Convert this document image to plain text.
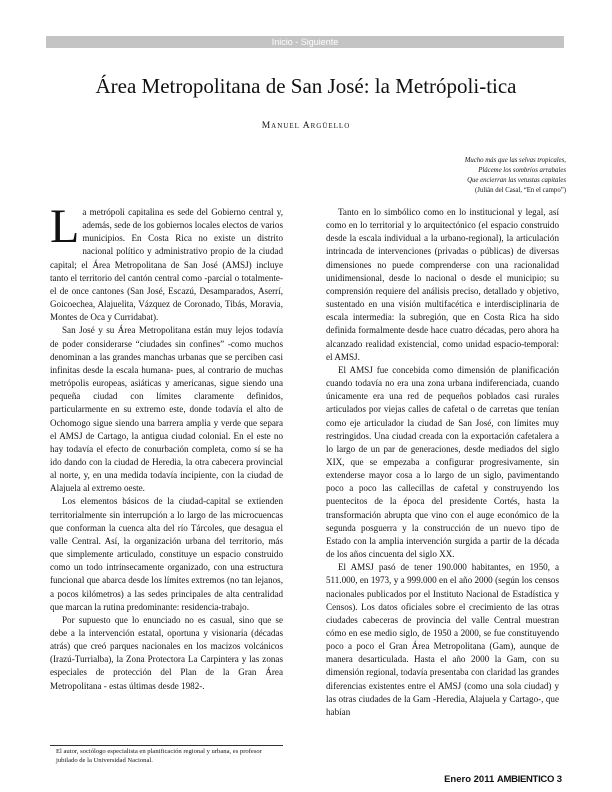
Inicio - Siguiente
Área Metropolitana de San José: la Metrópoli-tica
Manuel Argüello
Mucho más que las selvas tropicales,
Pláceme los sombríos arrabales
Que encierran las vetustas capitales
(Julián del Casal, “En el campo”)

La metrópoli capitalina es sede del Gobierno central y, además, sede de los gobiernos locales electos de varios municipios. En Costa Rica no existe un distrito nacional político y administrativo propio de la ciudad capital; el Área Metropolitana de San José (AMSJ) incluye tanto el territorio del cantón central como -parcial o totalmente- el de once cantones (San José, Escazú, Desamparados, Aserrí, Goicoechea, Alajuelita, Vázquez de Coronado, Tibás, Moravia, Montes de Oca y Curridabat).

San José y su Área Metropolitana están muy lejos todavía de poder considerarse “ciudades sin confines” -como muchos denominan a las grandes manchas urbanas que se perciben casi infinitas desde la escala humana- pues, al contrario de muchas metrópolis europeas, asiáticas y americanas, sigue siendo una pequeña ciudad con límites claramente definidos, particularmente en su extremo este, donde todavía el alto de Ochomogo sigue siendo una barrera amplia y verde que separa el AMSJ de Cartago, la antigua ciudad colonial. En el este no hay todavía el efecto de conurbación completa, como sí se ha ido dando con la ciudad de Heredia, la otra cabecera provincial al norte, y, en una medida todavía incipiente, con la ciudad de Alajuela al extremo oeste.

Los elementos básicos de la ciudad-capital se extienden territorialmente sin interrupción a lo largo de las microcuencas que conforman la cuenca alta del río Tárcoles, que desagua el valle Central. Así, la organización urbana del territorio, más que simplemente articulado, constituye un espacio construido como un todo intrínsecamente organizado, con una estructura funcional que abarca desde los límites extremos (no tan lejanos, a pocos kilómetros) a las sedes principales de alta centralidad que marcan la rutina predominante: residencia-trabajo.

Por supuesto que lo enunciado no es casual, sino que se debe a la intervención estatal, oportuna y visionaria (décadas atrás) que creó parques nacionales en los macizos volcánicos (Irazú-Turrialba), la Zona Protectora La Carpintera y las zonas especiales de protección del Plan de la Gran Área Metropolitana - estas últimas desde 1982-.

Tanto en lo simbólico como en lo institucional y legal, así como en lo territorial y lo arquitectónico (el espacio construido desde la escala individual a la urbano-regional), la articulación intrincada de intervenciones (privadas o públicas) de diversas dimensiones no puede comprenderse con una racionalidad unidimensional, desde lo nacional o desde el municipio; su comprensión requiere del análisis preciso, detallado y objetivo, sustentado en una visión multifacética e interdisciplinaria de escala intermedia: la subregión, que en Costa Rica ha sido definida formalmente desde hace cuatro décadas, pero ahora ha alcanzado realidad existencial, como unidad espacio-temporal: el AMSJ.

El AMSJ fue concebida como dimensión de planificación cuando todavía no era una zona urbana indiferenciada, cuando únicamente era una red de pequeños poblados casi rurales articulados por viejas calles de cafetal o de carretas que tenían como eje articulador la ciudad de San José, con límites muy restringidos. Una ciudad creada con la exportación cafetalera a lo largo de un par de generaciones, desde mediados del siglo XIX, que se empezaba a configurar progresivamente, sin extenderse mayor cosa a lo largo de un siglo, pavimentando poco a poco las callecillas de cafetal y construyendo los puentecitos de la época del presidente Cortés, hasta la transformación abrupta que vino con el auge económico de la segunda posguerra y la construcción de un nuevo tipo de Estado con la amplia intervención surgida a partir de la década de los años cincuenta del siglo XX.

El AMSJ pasó de tener 190.000 habitantes, en 1950, a 511.000, en 1973, y a 999.000 en el año 2000 (según los censos nacionales publicados por el Instituto Nacional de Estadística y Censos). Los datos oficiales sobre el crecimiento de las otras ciudades cabeceras de provincia del valle Central muestran cómo en ese medio siglo, de 1950 a 2000, se fue constituyendo poco a poco el Gran Área Metropolitana (Gam), aunque de manera desarticulada. Hasta el año 2000 la Gam, con su dimensión regional, todavía presentaba con claridad las grandes diferencias existentes entre el AMSJ (como una sola ciudad) y las otras ciudades de la Gam -Heredia, Alajuela y Cartago-, que habían

El autor, sociólogo especialista en planificación regional y urbana, es profesor jubilado de la Universidad Nacional.
Enero 2011 AMBIENTICO 3
